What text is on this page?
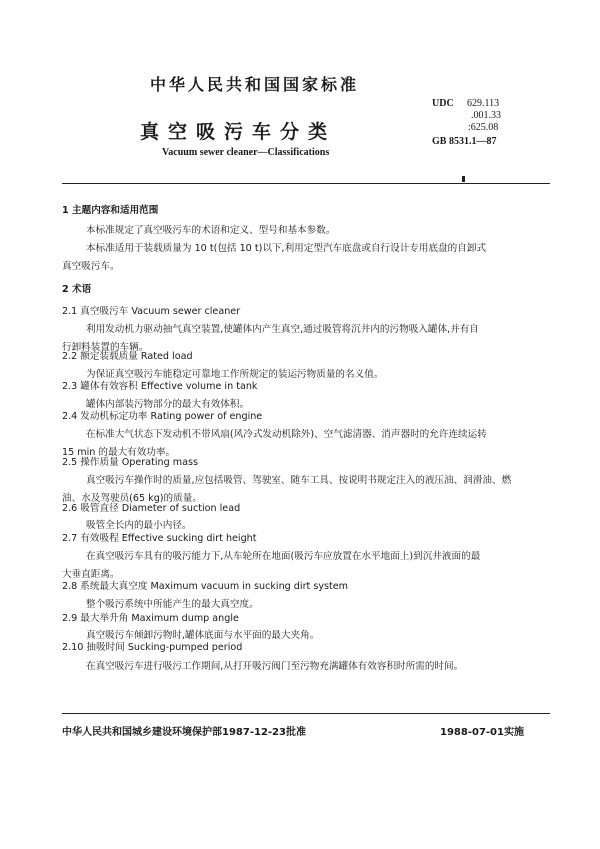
中华人民共和国国家标准
真空吸污车分类
Vacuum sewer cleaner—Classifications
UDC 629.113
.001.33
:625.08
GB 8531.1—87
1 主题内容和适用范围
本标准规定了真空吸污车的术语和定义、型号和基本参数。
本标准适用于装载质量为 10 t(包括 10 t)以下,利用定型汽车底盘或自行设计专用底盘的自卸式
真空吸污车。
2 术语
2.1 真空吸污车 Vacuum sewer cleaner
利用发动机力驱动抽气真空装置,使罐体内产生真空,通过吸管将沉井内的污物吸入罐体,并有自
行卸料装置的车辆。
2.2 额定装载质量 Rated load
为保证真空吸污车能稳定可靠地工作所规定的装运污物质量的名义值。
2.3 罐体有效容积 Effective volume in tank
罐体内部装污物部分的最大有效体积。
2.4 发动机标定功率 Rating power of engine
在标准大气状态下发动机不带风扇(风冷式发动机除外)、空气滤清器、消声器时的允许连续运转
15 min 的最大有效功率。
2.5 操作质量 Operating mass
真空吸污车操作时的质量,应包括吸管、驾驶室、随车工具、按说明书规定注入的液压油、润滑油、燃
油、水及驾驶员(65 kg)的质量。
2.6 吸管直径 Diameter of suction lead
吸管全长内的最小内径。
2.7 有效吸程 Effective sucking dirt height
在真空吸污车具有的吸污能力下,从车轮所在地面(吸污车应放置在水平地面上)到沉井液面的最
大垂直距离。
2.8 系统最大真空度 Maximum vacuum in sucking dirt system
整个吸污系统中所能产生的最大真空度。
2.9 最大举升角 Maximum dump angle
真空吸污车倾卸污物时,罐体底面与水平面的最大夹角。
2.10 抽吸时间 Sucking-pumped period
在真空吸污车进行吸污工作期间,从打开吸污阀门至污物充满罐体有效容积时所需的时间。
中华人民共和国城乡建设环境保护部1987-12-23批准	1988-07-01实施
